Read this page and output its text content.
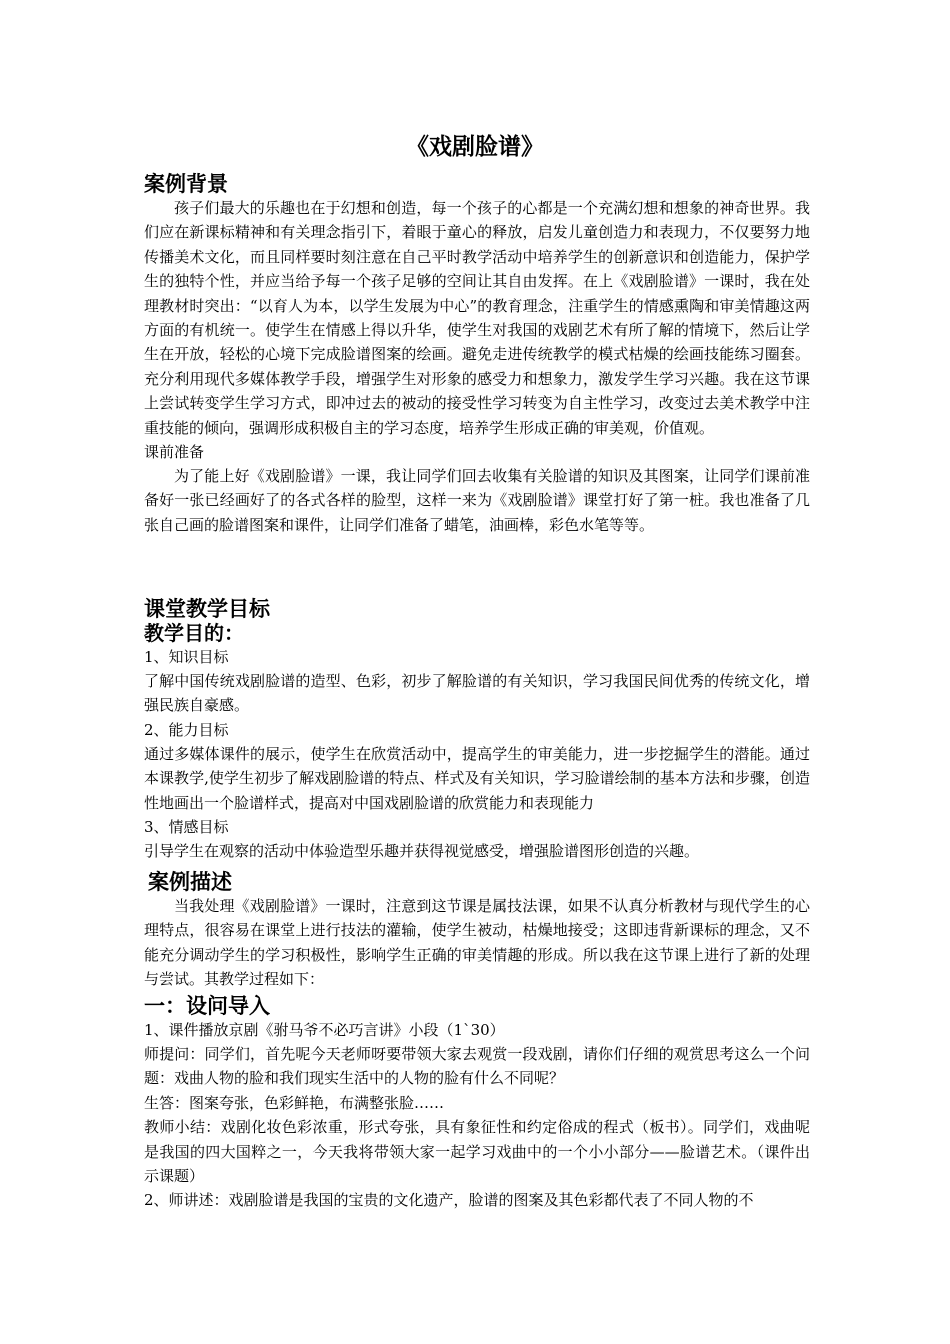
《戏剧脸谱》
案例背景

孩子们最大的乐趣也在于幻想和创造，每一个孩子的心都是一个充满幻想和想象的神奇世界。我们应在新课标精神和有关理念指引下，着眼于童心的释放，启发儿童创造力和表现力，不仅要努力地传播美术文化，而且同样要时刻注意在自己平时教学活动中培养学生的创新意识和创造能力，保护学生的独特个性，并应当给予每一个孩子足够的空间让其自由发挥。在上《戏剧脸谱》一课时，我在处理教材时突出：“以育人为本，以学生发展为中心”的教育理念，注重学生的情感熏陶和审美情趣这两方面的有机统一。使学生在情感上得以升华，使学生对我国的戏剧艺术有所了解的情境下，然后让学生在开放，轻松的心境下完成脸谱图案的绘画。避免走进传统教学的模式枯燥的绘画技能练习圈套。充分利用现代多媒体教学手段，增强学生对形象的感受力和想象力，激发学生学习兴趣。我在这节课上尝试转变学生学习方式，即冲过去的被动的接受性学习转变为自主性学习，改变过去美术教学中注重技能的倾向，强调形成积极自主的学习态度，培养学生形成正确的审美观，价值观。

课前准备

为了能上好《戏剧脸谱》一课，我让同学们回去收集有关脸谱的知识及其图案，让同学们课前准备好一张已经画好了的各式各样的脸型，这样一来为《戏剧脸谱》课堂打好了第一桩。我也准备了几张自己画的脸谱图案和课件，让同学们准备了蜡笔，油画棒，彩色水笔等等。

课堂教学目标
教学目的：

1、知识目标

了解中国传统戏剧脸谱的造型、色彩，初步了解脸谱的有关知识，学习我国民间优秀的传统文化，增强民族自豪感。

2、能力目标

通过多媒体课件的展示，使学生在欣赏活动中，提高学生的审美能力，进一步挖掘学生的潜能。通过本课教学,使学生初步了解戏剧脸谱的特点、样式及有关知识，学习脸谱绘制的基本方法和步骤，创造性地画出一个脸谱样式，提高对中国戏剧脸谱的欣赏能力和表现能力

3、情感目标

引导学生在观察的活动中体验造型乐趣并获得视觉感受，增强脸谱图形创造的兴趣。

案例描述

当我处理《戏剧脸谱》一课时，注意到这节课是属技法课，如果不认真分析教材与现代学生的心理特点，很容易在课堂上进行技法的灌输，使学生被动，枯燥地接受；这即违背新课标的理念，又不能充分调动学生的学习积极性，影响学生正确的审美情趣的形成。所以我在这节课上进行了新的处理与尝试。其教学过程如下：

一：设问导入

1、课件播放京剧《驸马爷不必巧言讲》小段（1`30）

师提问：同学们，首先呢今天老师呀要带领大家去观赏一段戏剧，请你们仔细的观赏思考这么一个问题：戏曲人物的脸和我们现实生活中的人物的脸有什么不同呢？

生答：图案夸张，色彩鲜艳，布满整张脸……

教师小结：戏剧化妆色彩浓重，形式夸张，具有象征性和约定俗成的程式（板书）。同学们，戏曲呢是我国的四大国粹之一，今天我将带领大家一起学习戏曲中的一个小小部分——脸谱艺术。（课件出示课题）

2、师讲述：戏剧脸谱是我国的宝贵的文化遗产，脸谱的图案及其色彩都代表了不同人物的不
